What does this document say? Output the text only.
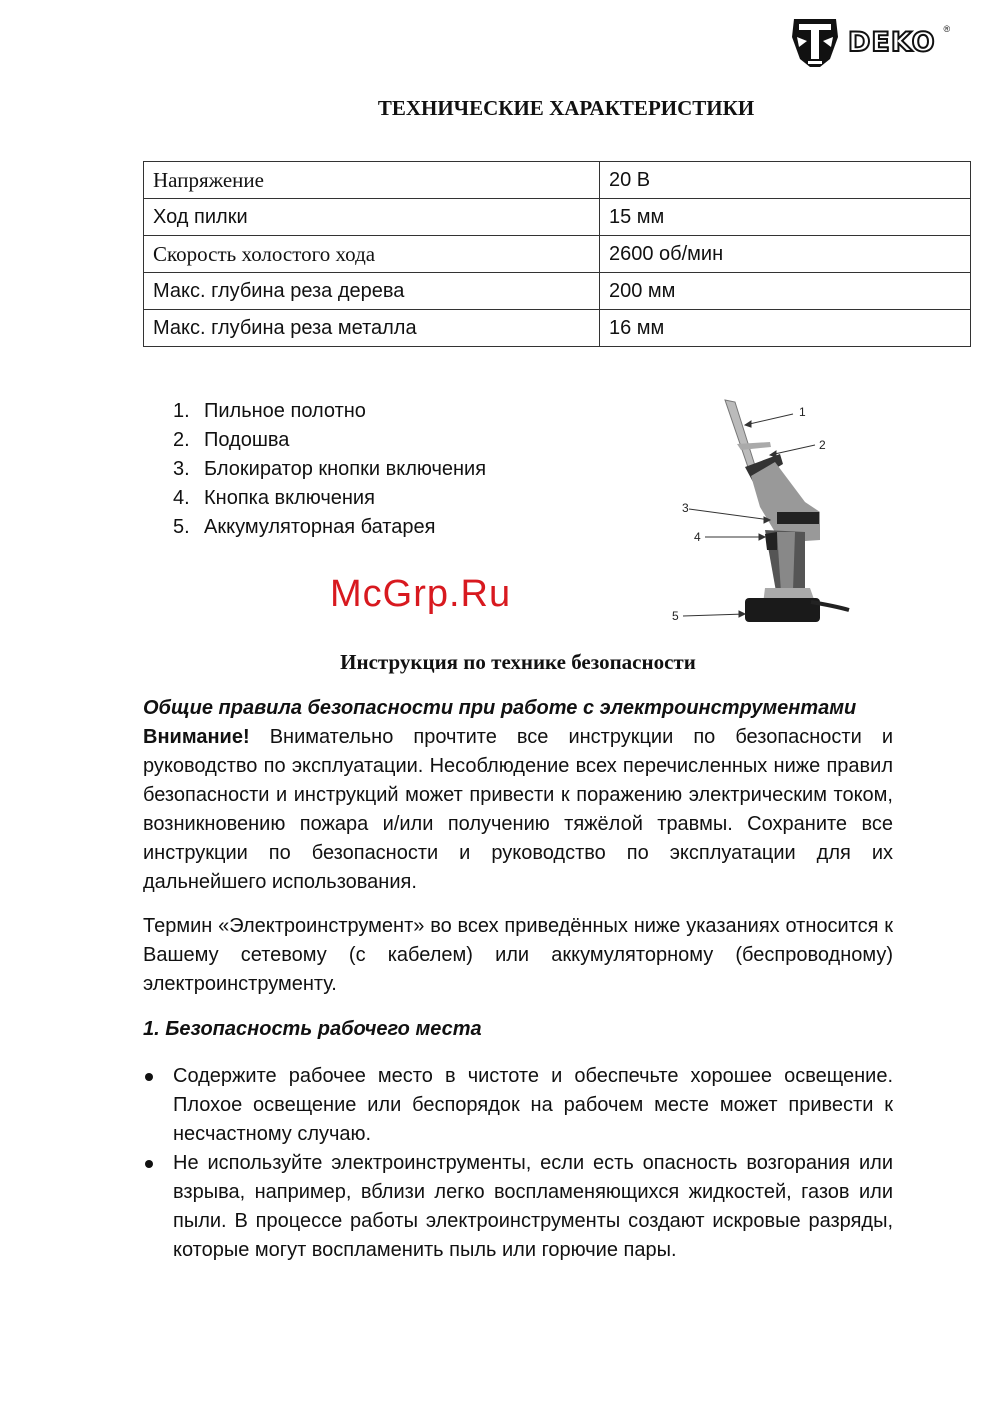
DEKO ®
ТЕХНИЧЕСКИЕ ХАРАКТЕРИСТИКИ
Напряжение	20 В
Ход пилки	15 мм
Скорость холостого хода	2600 об/мин
Макс. глубина реза дерева	200 мм
Макс. глубина реза металла	16 мм
1. Пильное полотно
2. Подошва
3. Блокиратор кнопки включения
4. Кнопка включения
5. Аккумуляторная батарея
1
2
3
4
5
McGrp.Ru
Инструкция по технике безопасности
Общие правила безопасности при работе с электроинструментами
Внимание! Внимательно прочтите все инструкции по безопасности и руководство по эксплуатации. Несоблюдение всех перечисленных ниже правил безопасности и инструкций может привести к поражению электрическим током, возникновению пожара и/или получению тяжёлой травмы. Сохраните все инструкции по безопасности и руководство по эксплуатации для их дальнейшего использования.
Термин «Электроинструмент» во всех приведённых ниже указаниях относится к Вашему сетевому (с кабелем) или аккумуляторному (беспроводному) электроинструменту.
1. Безопасность рабочего места
Содержите рабочее место в чистоте и обеспечьте хорошее освещение. Плохое освещение или беспорядок на рабочем месте может привести к несчастному случаю.
Не используйте электроинструменты, если есть опасность возгорания или взрыва, например, вблизи легко воспламеняющихся жидкостей, газов или пыли. В процессе работы электроинструменты создают искровые разряды, которые могут воспламенить пыль или горючие пары.
